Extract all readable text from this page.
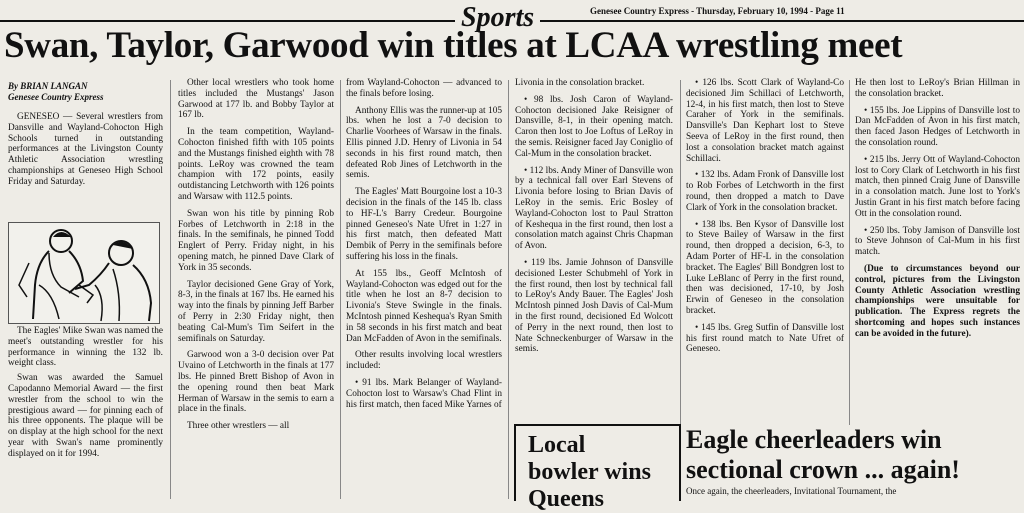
Sports	Genesee Country Express - Thursday, February 10, 1994 - Page 11
Swan, Taylor, Garwood win titles at LCAA wrestling meet
By BRIAN LANGAN
Genesee Country Express

GENESEO — Several wrestlers from Dansville and Wayland-Cohocton High Schools turned in outstanding performances at the Livingston County Athletic Association wrestling championships at Geneseo High School Friday and Saturday.

The Eagles' Mike Swan was named the meet's outstanding wrestler for his performance in winning the 132 lb. weight class.

Swan was awarded the Samuel Capodanno Memorial Award — the first wrestler from the school to win the prestigious award — for pinning each of his three opponents. The plaque will be on display at the high school for the next year with Swan's name prominently displayed on it for 1994.

Other local wrestlers who took home titles included the Mustangs' Jason Garwood at 177 lb. and Bobby Taylor at 167 lb.

In the team competition, Wayland-Cohocton finished fifth with 105 points and the Mustangs finished eighth with 78 points. LeRoy was crowned the team champion with 172 points, easily outdistancing Letchworth with 126 points and Warsaw with 112.5 points.

Swan won his title by pinning Rob Forbes of Letchworth in 2:18 in the finals. In the semifinals, he pinned Todd Englert of Perry. Friday night, in his opening match, he pinned Dave Clark of York in 35 seconds.

Taylor decisioned Gene Gray of York, 8-3, in the finals at 167 lbs. He earned his way into the finals by pinning Jeff Barber of Perry in 2:30 Friday night, then beating Cal-Mum's Tim Seifert in the semifinals on Saturday.

Garwood won a 3-0 decision over Pat Uvaino of Letchworth in the finals at 177 lbs. He pinned Brett Bishop of Avon in the opening round then beat Mark Herman of Warsaw in the semis to earn a place in the finals.

Three other wrestlers — all

from Wayland-Cohocton — advanced to the finals before losing.

Anthony Ellis was the runner-up at 105 lbs. when he lost a 7-0 decision to Charlie Voorhees of Warsaw in the finals. Ellis pinned J.D. Henry of Livonia in 54 seconds in his first round match, then defeated Rob Jines of Letchworth in the semis.

The Eagles' Matt Bourgoine lost a 10-3 decision in the finals of the 145 lb. class to HF-L's Barry Credeur. Bourgoine pinned Geneseo's Nate Ufret in 1:27 in his first match, then defeated Matt Dembik of Perry in the semifinals before suffering his loss in the finals.

At 155 lbs., Geoff McIntosh of Wayland-Cohocton was edged out for the title when he lost an 8-7 decision to Livonia's Steve Swingle in the finals. McIntosh pinned Keshequa's Ryan Smith in 58 seconds in his first match and beat Dan McFadden of Avon in the semifinals.

Other results involving local wrestlers included:

• 91 lbs. Mark Belanger of Wayland-Cohocton lost to Warsaw's Chad Flint in his first match, then faced Mike Yarnes of

Livonia in the consolation bracket.

• 98 lbs. Josh Caron of Wayland-Cohocton decisioned Jake Reisigner of Dansville, 8-1, in their opening match. Caron then lost to Joe Loftus of LeRoy in the semis. Reisigner faced Jay Coniglio of Cal-Mum in the consolation bracket.

• 112 lbs. Andy Miner of Dansville won by a technical fall over Earl Stevens of Livonia before losing to Brian Davis of LeRoy in the semis. Eric Bosley of Wayland-Cohocton lost to Paul Stratton of Keshequa in the first round, then lost a consolation match against Chris Chapman of Avon.

• 119 lbs. Jamie Johnson of Dansville decisioned Lester Schubmehl of York in the first round, then lost by technical fall to LeRoy's Andy Bauer. The Eagles' Josh McIntosh pinned Josh Davis of Cal-Mum in the first round, decisioned Ed Wolcott of Perry in the next round, then lost to Nate Schneckenburger of Warsaw in the semis.

• 126 lbs. Scott Clark of Wayland-Co decisioned Jim Schillaci of Letchworth, 12-4, in his first match, then lost to Steve Caraher of York in the semifinals. Dansville's Dan Kephart lost to Steve Seeva of LeRoy in the first round, then lost a consolation bracket match against Schillaci.

• 132 lbs. Adam Fronk of Dansville lost to Rob Forbes of Letchworth in the first round, then dropped a match to Dave Clark of York in the consolation bracket.

• 138 lbs. Ben Kysor of Dansville lost to Steve Bailey of Warsaw in the first round, then dropped a decision, 6-3, to Adam Porter of HF-L in the consolation bracket. The Eagles' Bill Bondgren lost to Luke LeBlanc of Perry in the first round, then was decisioned, 17-10, by Josh Erwin of Geneseo in the consolation bracket.

• 145 lbs. Greg Sutfin of Dansville lost his first round match to Nate Ufret of Geneseo.

He then lost to LeRoy's Brian Hillman in the consolation bracket.

• 155 lbs. Joe Lippins of Dansville lost to Dan McFadden of Avon in his first match, then faced Jason Hedges of Letchworth in the consolation round.

• 215 lbs. Jerry Ott of Wayland-Cohocton lost to Cory Clark of Letchworth in his first match, then pinned Craig June of Dansville in a consolation match. June lost to York's Justin Grant in his first match before facing Ott in the consolation round.

• 250 lbs. Toby Jamison of Dansville lost to Steve Johnson of Cal-Mum in his first match.

(Due to circumstances beyond our control, pictures from the Livingston County Athletic Association wrestling championships were unsuitable for publication. The Express regrets the shortcoming and hopes such instances can be avoided in the future).

Local
bowler wins
Queens
Eagle cheerleaders win sectional crown ... again!
Once again, the cheerleaders, Invitational Tournament, the
